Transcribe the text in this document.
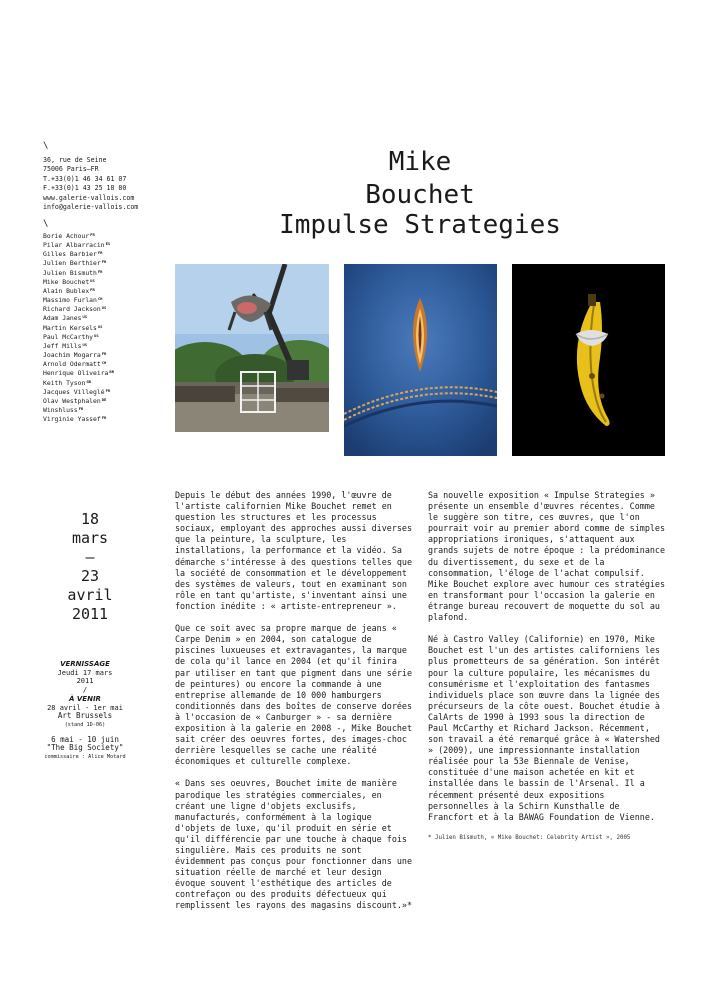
\
36, rue de Seine
75006 Paris—FR
T.+33(0)1 46 34 61 07
F.+33(0)1 43 25 18 80
www.galerie-vallois.com
info@galerie-vallois.com
\
Borie Achour$^{FR}$
Pilar Albarracin$^{ES}$
Gilles Barbier$^{FR}$
Julien Berthier$^{FR}$
Julien Bismuth$^{FR}$
Mike Bouchet$^{US}$
Alain Bublex$^{FR}$
Massimo Furlan$^{CH}$
Richard Jackson$^{US}$
Adam Janes$^{US}$
Martin Kersels$^{US}$
Paul McCarthy$^{US}$
Jeff Mills$^{US}$
Joachim Mogarra$^{FR}$
Arnold Odermatt$^{CH}$
Henrique Oliveira$^{BR}$
Keith Tyson$^{GB}$
Jacques Villeglé$^{FR}$
Olav Westphalen$^{DE}$
Winshluss$^{FR}$
Virginie Yassef$^{FR}$
Mike
Bouchet
Impulse Strategies
18
mars
—
23
avril
2011
VERNISSAGE
Jeudi 17 mars
2011
/
À VENIR
28 avril - 1er mai
Art Brussels
(stand 1D-06)
6 mai - 10 juin
"The Big Society"
commissaire : Alice Motard

Depuis le début des années 1990, l'œuvre de l'artiste californien Mike Bouchet remet en question les structures et les processus sociaux, employant des approches aussi diverses que la peinture, la sculpture, les installations, la performance et la vidéo. Sa démarche s'intéresse à des questions telles que la société de consommation et le développement des systèmes de valeurs, tout en examinant son rôle en tant qu'artiste, s'inventant ainsi une fonction inédite : « artiste-entrepreneur ».

Que ce soit avec sa propre marque de jeans « Carpe Denim » en 2004, son catalogue de piscines luxueuses et extravagantes, la marque de cola qu'il lance en 2004 (et qu'il finira par utiliser en tant que pigment dans une série de peintures) ou encore la commande à une entreprise allemande de 10 000 hamburgers conditionnés dans des boîtes de conserve dorées à l'occasion de « Canburger » - sa dernière exposition à la galerie en 2008 -, Mike Bouchet sait créer des oeuvres fortes, des images-choc derrière lesquelles se cache une réalité économiques et culturelle complexe.

« Dans ses oeuvres, Bouchet imite de manière parodique les stratégies commerciales, en créant une ligne d'objets exclusifs, manufacturés, conformément à la logique d'objets de luxe, qu'il produit en série et qu'il différencie par une touche à chaque fois singulière. Mais ces produits ne sont évidemment pas conçus pour fonctionner dans une situation réelle de marché et leur design évoque souvent l'esthétique des articles de contrefaçon ou des produits défectueux qui remplissent les rayons des magasins discount.»*

Sa nouvelle exposition « Impulse Strategies » présente un ensemble d'œuvres récentes. Comme le suggère son titre, ces œuvres, que l'on pourrait voir au premier abord comme de simples appropriations ironiques, s'attaquent aux grands sujets de notre époque : la prédominance du divertissement, du sexe et de la consommation, l'éloge de l'achat compulsif.
Mike Bouchet explore avec humour ces stratégies en transformant pour l'occasion la galerie en étrange bureau recouvert de moquette du sol au plafond.

Né à Castro Valley (Californie) en 1970, Mike Bouchet est l'un des artistes californiens les plus prometteurs de sa génération. Son intérêt pour la culture populaire, les mécanismes du consumérisme et l'exploitation des fantasmes individuels place son œuvre dans la lignée des précurseurs de la côte ouest. Bouchet étudie à CalArts de 1990 à 1993 sous la direction de Paul McCarthy et Richard Jackson. Récemment, son travail a été remarqué grâce à « Watershed » (2009), une impressionnante installation réalisée pour la 53e Biennale de Venise, constituée d'une maison achetée en kit et installée dans le bassin de l'Arsenal. Il a récemment présenté deux expositions personnelles à la Schirn Kunsthalle de Francfort et à la BAWAG Foundation de Vienne.

* Julien Bismuth, « Mike Bouchet: Celebrity Artist », 2005
